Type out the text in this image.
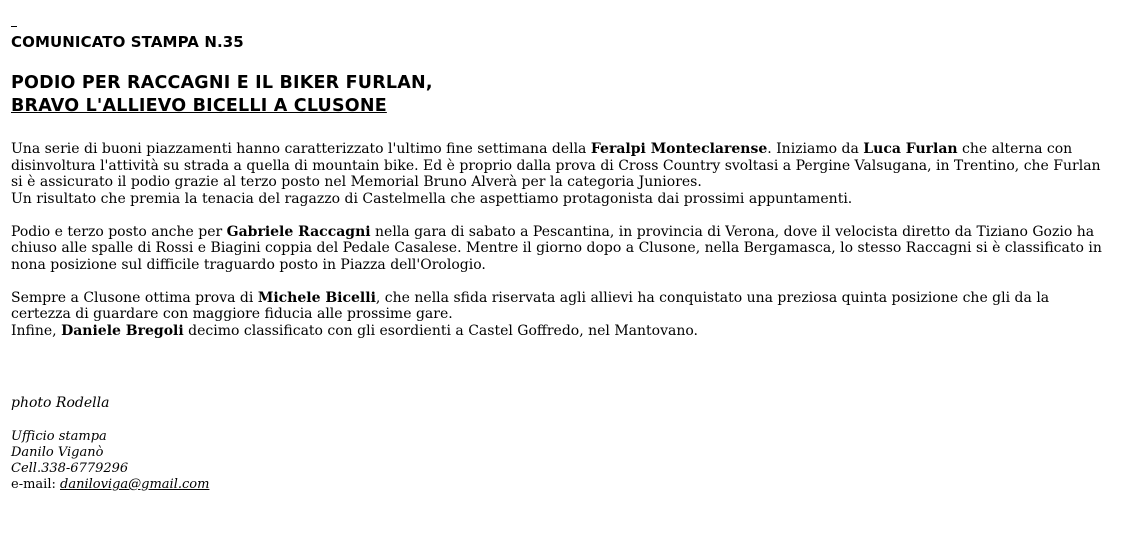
COMUNICATO STAMPA N.35
PODIO PER RACCAGNI E IL BIKER FURLAN,
BRAVO L'ALLIEVO BICELLI A CLUSONE

Una serie di buoni piazzamenti hanno caratterizzato l'ultimo fine settimana della Feralpi Monteclarense. Iniziamo da Luca Furlan che alterna con disinvoltura l'attività su strada a quella di mountain bike. Ed è proprio dalla prova di Cross Country svoltasi a Pergine Valsugana, in Trentino, che Furlan si è assicurato il podio grazie al terzo posto nel Memorial Bruno Alverà per la categoria Juniores.

Un risultato che premia la tenacia del ragazzo di Castelmella che aspettiamo protagonista dai prossimi appuntamenti.

Podio e terzo posto anche per Gabriele Raccagni nella gara di sabato a Pescantina, in provincia di Verona, dove il velocista diretto da Tiziano Gozio ha chiuso alle spalle di Rossi e Biagini coppia del Pedale Casalese. Mentre il giorno dopo a Clusone, nella Bergamasca, lo stesso Raccagni si è classificato in nona posizione sul difficile traguardo posto in Piazza dell'Orologio.

Sempre a Clusone ottima prova di Michele Bicelli, che nella sfida riservata agli allievi ha conquistato una preziosa quinta posizione che gli da la certezza di guardare con maggiore fiducia alle prossime gare.

Infine, Daniele Bregoli decimo classificato con gli esordienti a Castel Goffredo, nel Mantovano.

photo Rodella
Ufficio stampa
Danilo Viganò
Cell.338-6779296
e-mail: daniloviga@gmail.com
